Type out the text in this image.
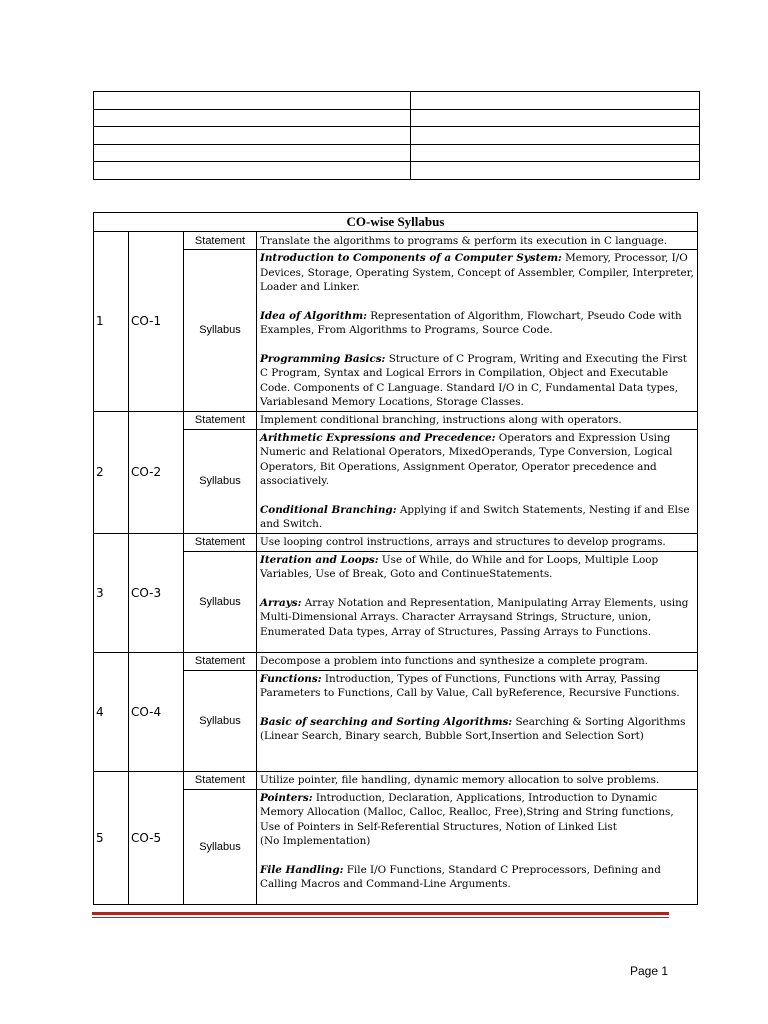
CO-wise Syllabus			
1	CO-1	Statement	Translate the algorithms to programs & perform its execution in C language.
		Syllabus	Introduction to Components of a Computer System: Memory, Processor, I/O Devices, Storage, Operating System, Concept of Assembler, Compiler, Interpreter, Loader and Linker.

Idea of Algorithm: Representation of Algorithm, Flowchart, Pseudo Code with Examples, From Algorithms to Programs, Source Code.

Programming Basics: Structure of C Program, Writing and Executing the First C Program, Syntax and Logical Errors in Compilation, Object and Executable Code. Components of C Language. Standard I/O in C, Fundamental Data types, Variablesand Memory Locations, Storage Classes.

2	CO-2	Statement	Implement conditional branching, instructions along with operators.
		Syllabus	Arithmetic Expressions and Precedence: Operators and Expression Using Numeric and Relational Operators, MixedOperands, Type Conversion, Logical Operators, Bit Operations, Assignment Operator, Operator precedence and associatively.

Conditional Branching: Applying if and Switch Statements, Nesting if and Else and Switch.

3	CO-3	Statement	Use looping control instructions, arrays and structures to develop programs.
		Syllabus	Iteration and Loops: Use of While, do While and for Loops, Multiple Loop Variables, Use of Break, Goto and ContinueStatements.

Arrays: Array Notation and Representation, Manipulating Array Elements, using Multi-Dimensional Arrays. Character Arraysand Strings, Structure, union, Enumerated Data types, Array of Structures, Passing Arrays to Functions.

4	CO-4	Statement	Decompose a problem into functions and synthesize a complete program.
		Syllabus	Functions: Introduction, Types of Functions, Functions with Array, Passing Parameters to Functions, Call by Value, Call byReference, Recursive Functions.

Basic of searching and Sorting Algorithms: Searching & Sorting Algorithms (Linear Search, Binary search, Bubble Sort,Insertion and Selection Sort)

5	CO-5	Statement	Utilize pointer, file handling, dynamic memory allocation to solve problems.
		Syllabus	Pointers: Introduction, Declaration, Applications, Introduction to Dynamic Memory Allocation (Malloc, Calloc, Realloc, Free),String and String functions, Use of Pointers in Self-Referential Structures, Notion of Linked List
(No Implementation)

File Handling: File I/O Functions, Standard C Preprocessors, Defining and Calling Macros and Command-Line Arguments.

Page 1
